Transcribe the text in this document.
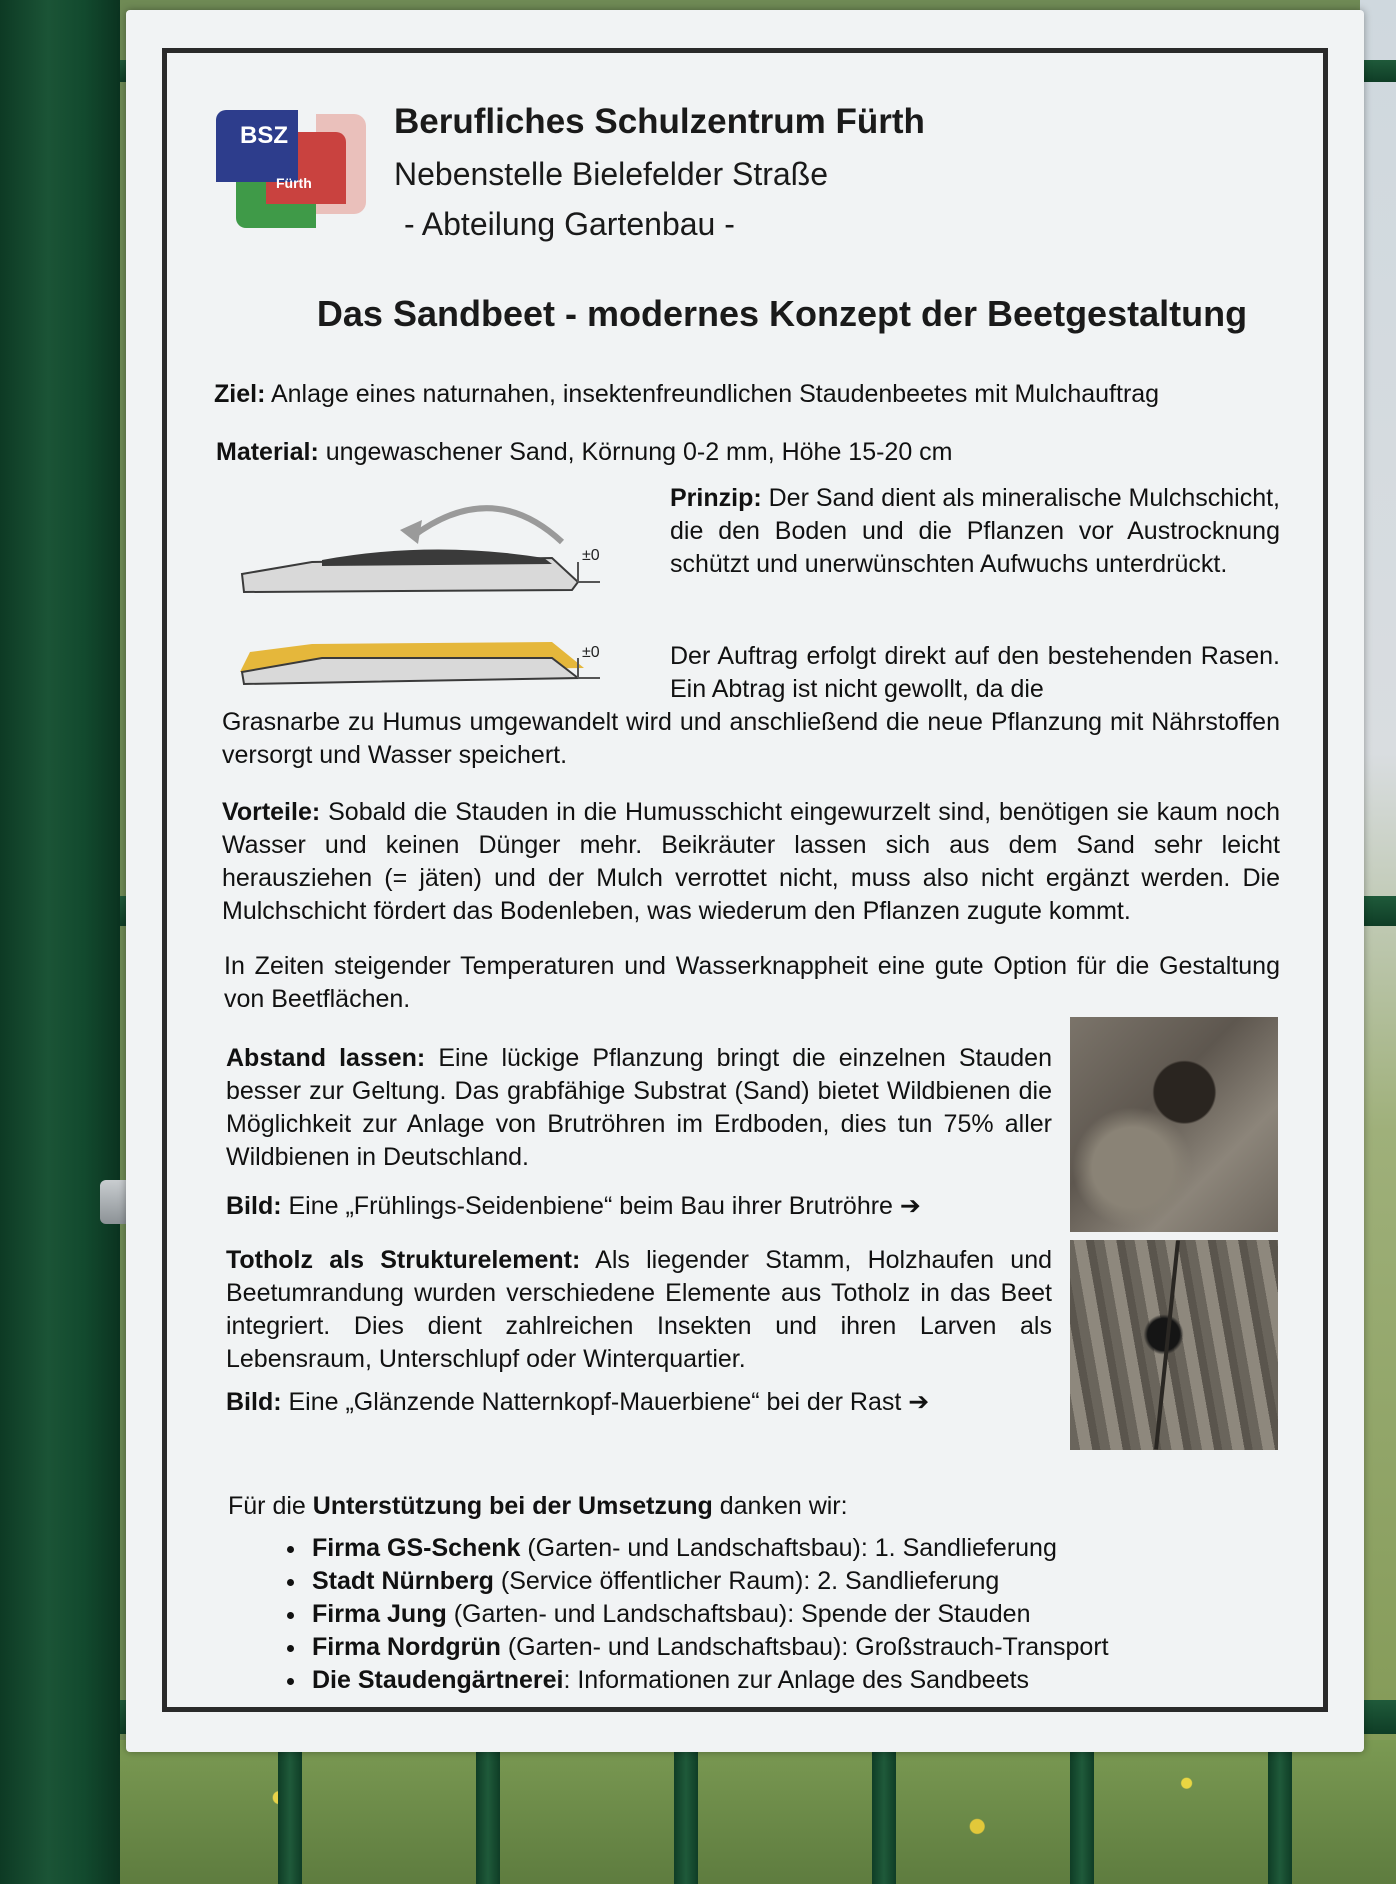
BSZ
Fürth
Berufliches Schulzentrum Fürth
Nebenstelle Bielefelder Straße
- Abteilung Gartenbau -
Das Sandbeet - modernes Konzept der Beetgestaltung
Ziel: Anlage eines naturnahen, insektenfreundlichen Staudenbeetes mit Mulchauftrag
Material: ungewaschener Sand, Körnung 0-2 mm, Höhe 15-20 cm
±0
±0
Prinzip: Der Sand dient als mineralische Mulchschicht, die den Boden und die Pflanzen vor Austrocknung schützt und unerwünschten Aufwuchs unterdrückt.
Der Auftrag erfolgt direkt auf den bestehenden Rasen. Ein Abtrag ist nicht gewollt, da die
Grasnarbe zu Humus umgewandelt wird und anschließend die neue Pflanzung mit Nährstoffen versorgt und Wasser speichert.
Vorteile: Sobald die Stauden in die Humusschicht eingewurzelt sind, benötigen sie kaum noch Wasser und keinen Dünger mehr. Beikräuter lassen sich aus dem Sand sehr leicht herausziehen (= jäten) und der Mulch verrottet nicht, muss also nicht ergänzt werden. Die Mulchschicht fördert das Bodenleben, was wiederum den Pflanzen zugute kommt.
In Zeiten steigender Temperaturen und Wasserknappheit eine gute Option für die Gestaltung von Beetflächen.
Abstand lassen: Eine lückige Pflanzung bringt die einzelnen Stauden besser zur Geltung. Das grabfähige Substrat (Sand) bietet Wildbienen die Möglichkeit zur Anlage von Brutröhren im Erdboden, dies tun 75% aller Wildbienen in Deutschland.
Bild: Eine „Frühlings-Seidenbiene“ beim Bau ihrer Brutröhre ➔
Totholz als Strukturelement: Als liegender Stamm, Holzhaufen und Beetumrandung wurden verschiedene Elemente aus Totholz in das Beet integriert. Dies dient zahlreichen Insekten und ihren Larven als Lebensraum, Unterschlupf oder Winterquartier.
Bild: Eine „Glänzende Natternkopf-Mauerbiene“ bei der Rast ➔
Für die Unterstützung bei der Umsetzung danken wir:
• Firma GS-Schenk (Garten- und Landschaftsbau): 1. Sandlieferung
• Stadt Nürnberg (Service öffentlicher Raum): 2. Sandlieferung
• Firma Jung (Garten- und Landschaftsbau): Spende der Stauden
• Firma Nordgrün (Garten- und Landschaftsbau): Großstrauch-Transport
• Die Staudengärtnerei: Informationen zur Anlage des Sandbeets
